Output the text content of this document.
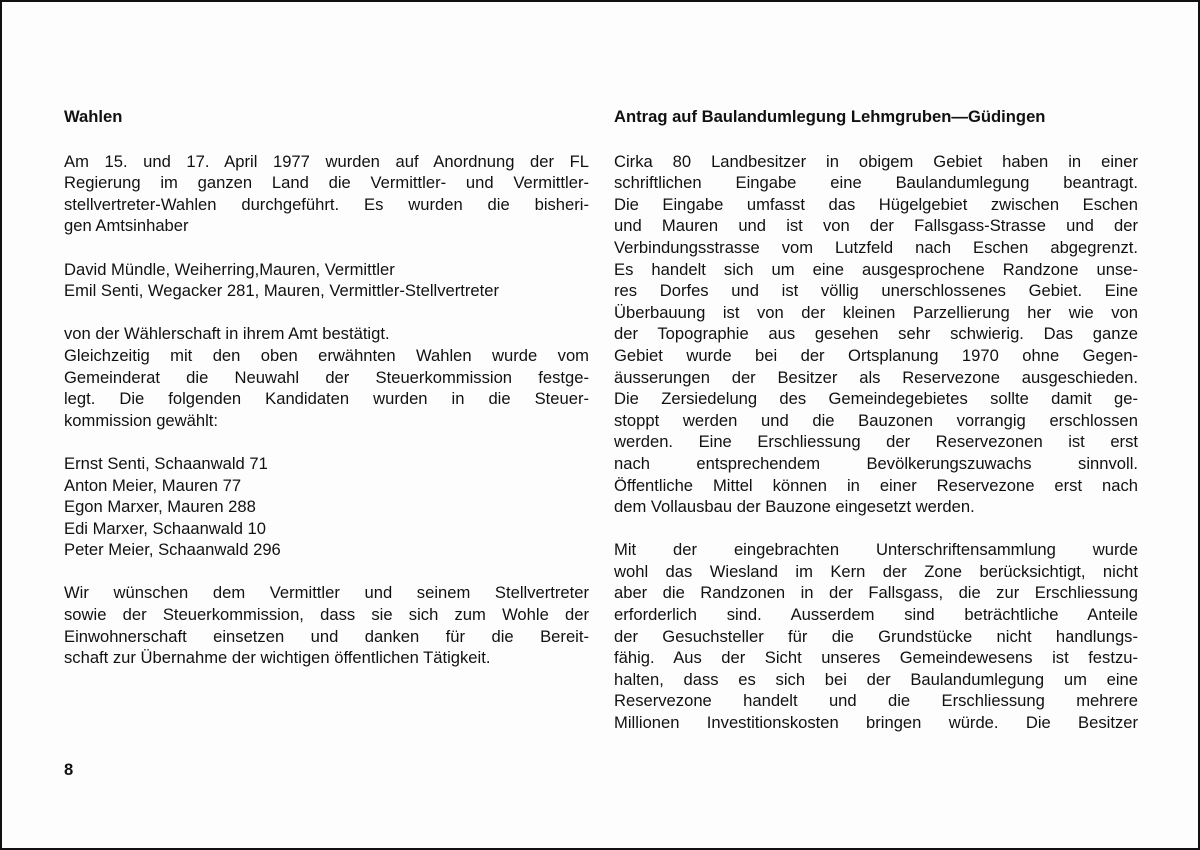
Wahlen
Am 15. und 17. April 1977 wurden auf Anordnung der FL
Regierung im ganzen Land die Vermittler- und Vermittler-
stellvertreter-Wahlen durchgeführt. Es wurden die bisheri-
gen Amtsinhaber
David Mündle, Weiherring,Mauren, Vermittler
Emil Senti, Wegacker 281, Mauren, Vermittler-Stellvertreter
von der Wählerschaft in ihrem Amt bestätigt.
Gleichzeitig mit den oben erwähnten Wahlen wurde vom
Gemeinderat die Neuwahl der Steuerkommission festge-
legt. Die folgenden Kandidaten wurden in die Steuer-
kommission gewählt:
Ernst Senti, Schaanwald 71
Anton Meier, Mauren 77
Egon Marxer, Mauren 288
Edi Marxer, Schaanwald 10
Peter Meier, Schaanwald 296
Wir wünschen dem Vermittler und seinem Stellvertreter
sowie der Steuerkommission, dass sie sich zum Wohle der
Einwohnerschaft einsetzen und danken für die Bereit-
schaft zur Übernahme der wichtigen öffentlichen Tätigkeit.
Antrag auf Baulandumlegung Lehmgruben—Güdingen
Cirka 80 Landbesitzer in obigem Gebiet haben in einer
schriftlichen Eingabe eine Baulandumlegung beantragt.
Die Eingabe umfasst das Hügelgebiet zwischen Eschen
und Mauren und ist von der Fallsgass-Strasse und der
Verbindungsstrasse vom Lutzfeld nach Eschen abgegrenzt.
Es handelt sich um eine ausgesprochene Randzone unse-
res Dorfes und ist völlig unerschlossenes Gebiet. Eine
Überbauung ist von der kleinen Parzellierung her wie von
der Topographie aus gesehen sehr schwierig. Das ganze
Gebiet wurde bei der Ortsplanung 1970 ohne Gegen-
äusserungen der Besitzer als Reservezone ausgeschieden.
Die Zersiedelung des Gemeindegebietes sollte damit ge-
stoppt werden und die Bauzonen vorrangig erschlossen
werden. Eine Erschliessung der Reservezonen ist erst
nach entsprechendem Bevölkerungszuwachs sinnvoll.
Öffentliche Mittel können in einer Reservezone erst nach
dem Vollausbau der Bauzone eingesetzt werden.
Mit der eingebrachten Unterschriftensammlung wurde
wohl das Wiesland im Kern der Zone berücksichtigt, nicht
aber die Randzonen in der Fallsgass, die zur Erschliessung
erforderlich sind. Ausserdem sind beträchtliche Anteile
der Gesuchsteller für die Grundstücke nicht handlungs-
fähig. Aus der Sicht unseres Gemeindewesens ist festzu-
halten, dass es sich bei der Baulandumlegung um eine
Reservezone handelt und die Erschliessung mehrere
Millionen Investitionskosten bringen würde. Die Besitzer
8
